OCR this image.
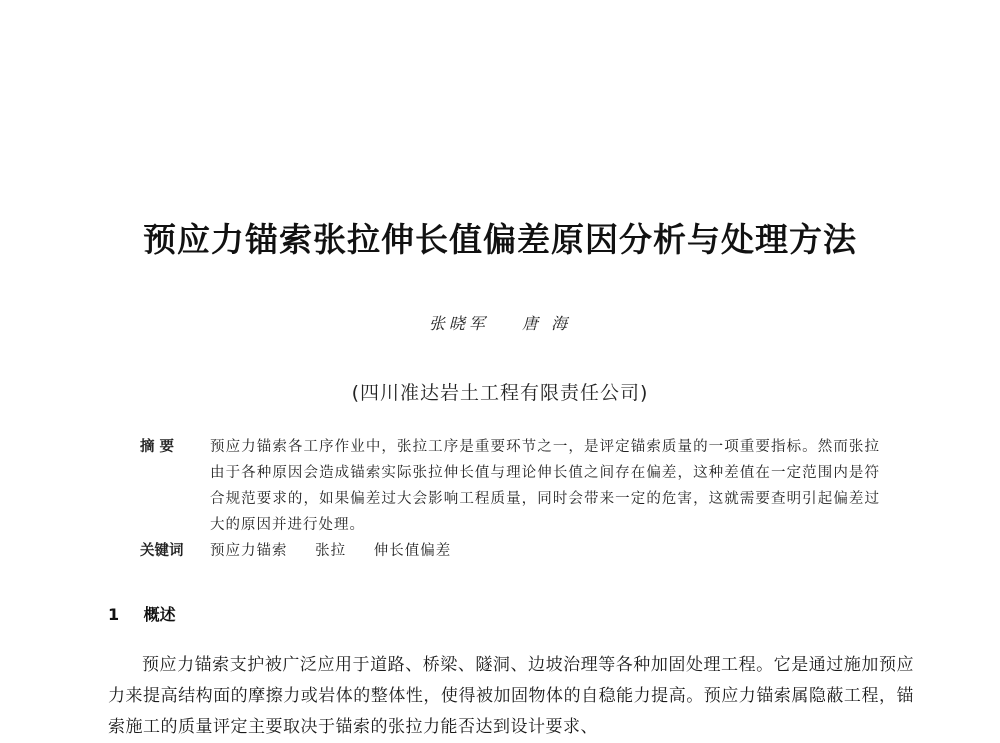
预应力锚索张拉伸长值偏差原因分析与处理方法
张晓军 唐 海
(四川准达岩土工程有限责任公司)
摘 要	预应力锚索各工序作业中，张拉工序是重要环节之一，是评定锚索质量的一项重要指标。然而张拉由于各种原因会造成锚索实际张拉伸长值与理论伸长值之间存在偏差，这种差值在一定范围内是符合规范要求的，如果偏差过大会影响工程质量，同时会带来一定的危害，这就需要查明引起偏差过大的原因并进行处理。
关键词	预应力锚索 张拉 伸长值偏差
1 概述
预应力锚索支护被广泛应用于道路、桥梁、隧洞、边坡治理等各种加固处理工程。它是通过施加预应力来提高结构面的摩擦力或岩体的整体性，使得被加固物体的自稳能力提高。预应力锚索属隐蔽工程，锚索施工的质量评定主要取决于锚索的张拉力能否达到设计要求、
